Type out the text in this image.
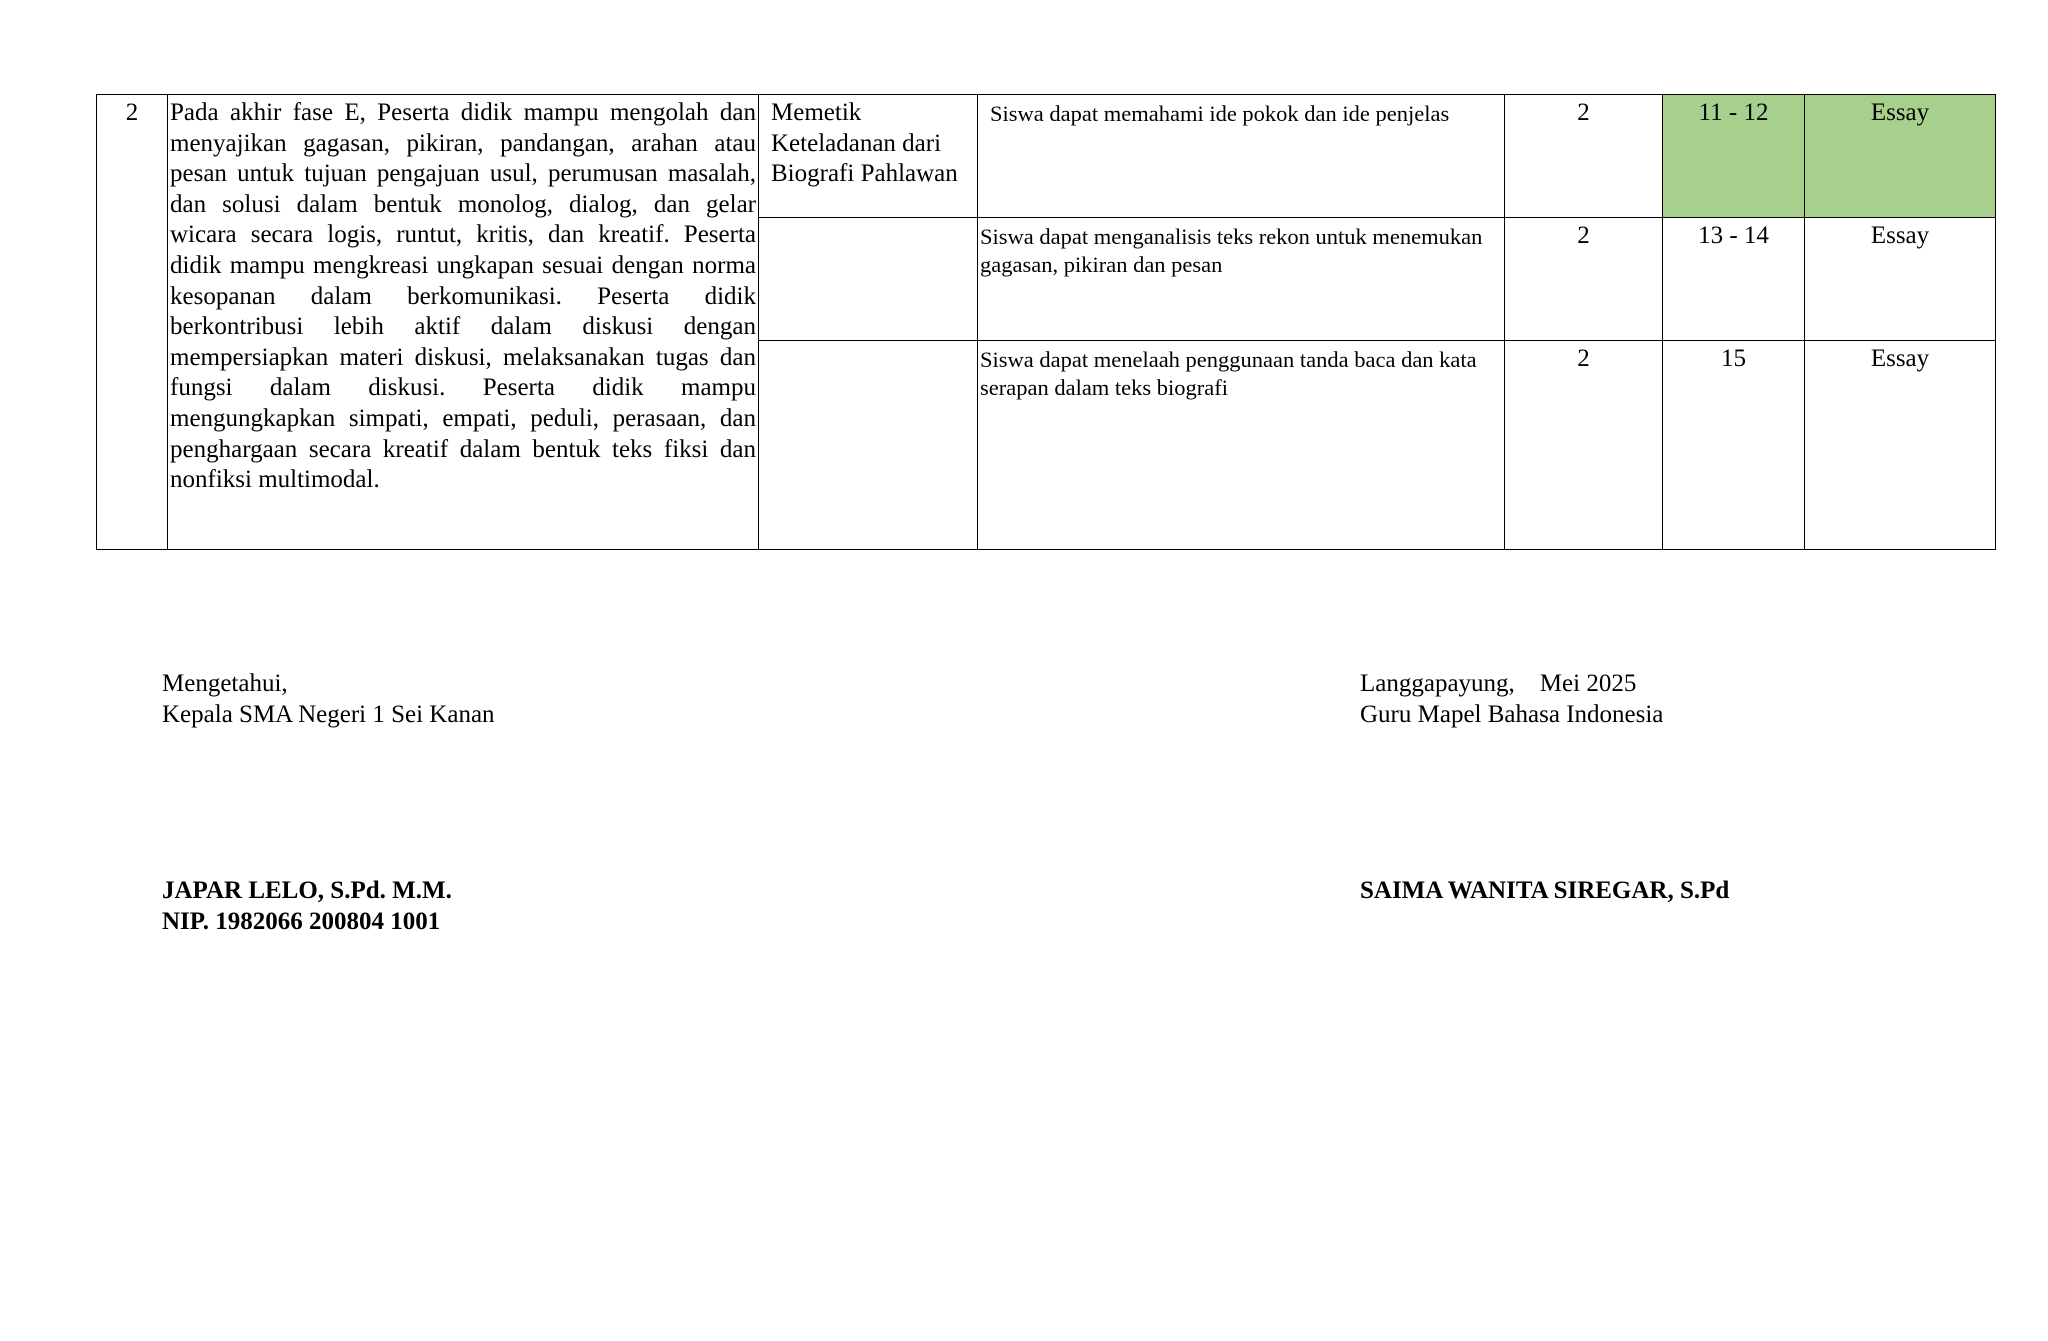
2	Pada akhir fase E, Peserta didik mampu mengolah dan menyajikan gagasan, pikiran, pandangan, arahan atau pesan untuk tujuan pengajuan usul, perumusan masalah, dan solusi dalam bentuk monolog, dialog, dan gelar wicara secara logis, runtut, kritis, dan kreatif. Peserta didik mampu mengkreasi ungkapan sesuai dengan norma kesopanan dalam berkomunikasi. Peserta didik berkontribusi lebih aktif dalam diskusi dengan mempersiapkan materi diskusi, melaksanakan tugas dan fungsi dalam diskusi. Peserta didik mampu mengungkapkan simpati, empati, peduli, perasaan, dan penghargaan secara kreatif dalam bentuk teks fiksi dan nonfiksi multimodal.	Memetik Keteladanan dari Biografi Pahlawan	Siswa dapat memahami ide pokok dan ide penjelas	2	11 - 12	Essay
			Siswa dapat menganalisis teks rekon untuk menemukan gagasan, pikiran dan pesan	2	13 - 14	Essay
			Siswa dapat menelaah penggunaan tanda baca dan kata serapan dalam teks biografi	2	15	Essay
Mengetahui,
Kepala SMA Negeri 1 Sei Kanan
Langgapayung,    Mei 2025
Guru Mapel Bahasa Indonesia
JAPAR LELO, S.Pd. M.M.
NIP. 1982066 200804 1001
SAIMA WANITA SIREGAR, S.Pd
